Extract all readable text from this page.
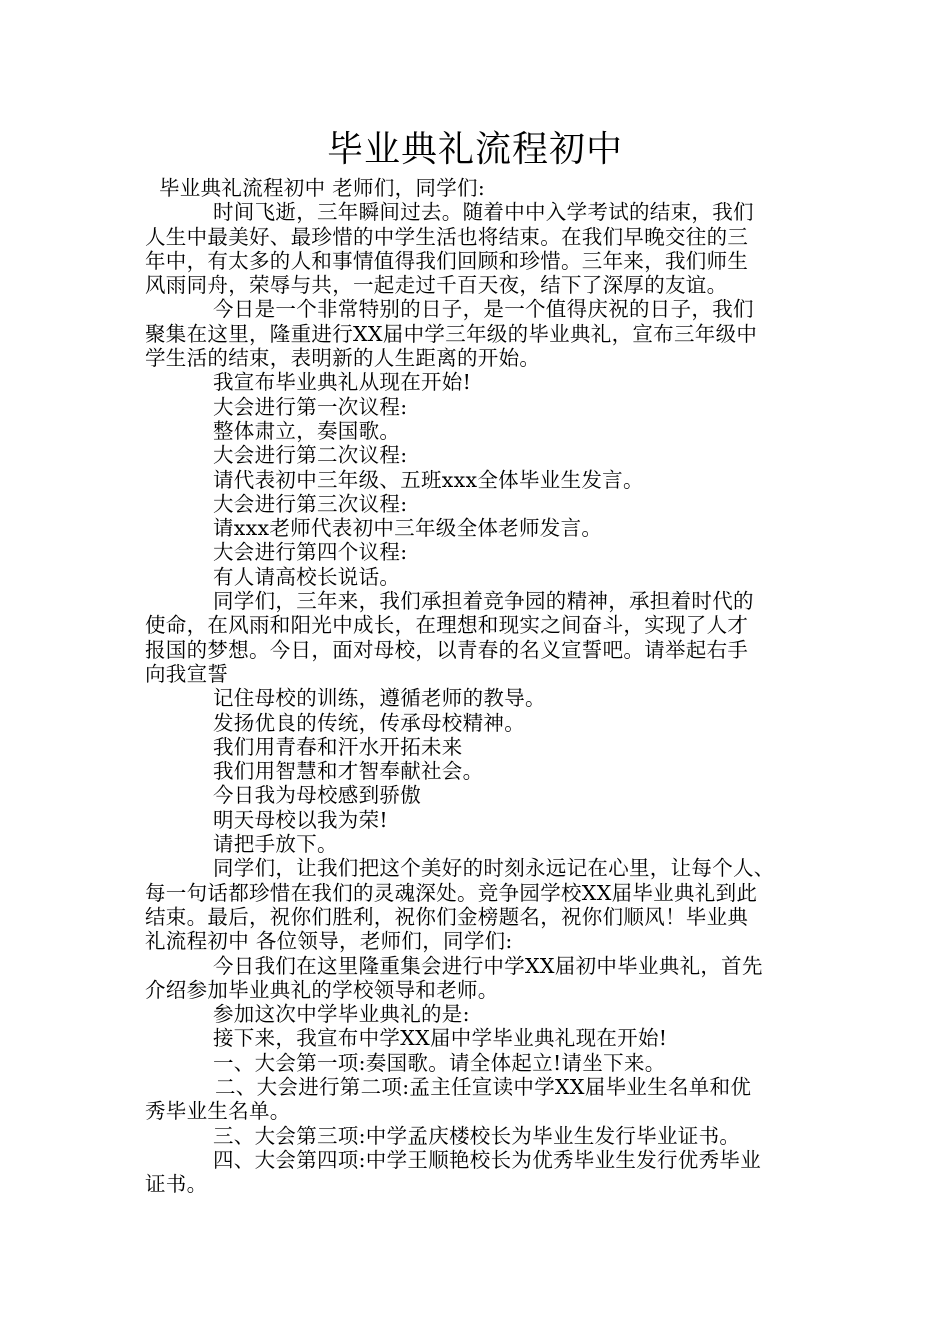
毕业典礼流程初中

毕业典礼流程初中 老师们，同学们:

时间飞逝，三年瞬间过去。随着中中入学考试的结束，我们

人生中最美好、最珍惜的中学生活也将结束。在我们早晚交往的三

年中，有太多的人和事情值得我们回顾和珍惜。三年来，我们师生

风雨同舟，荣辱与共，一起走过千百天夜，结下了深厚的友谊。

今日是一个非常特别的日子，是一个值得庆祝的日子，我们

聚集在这里，隆重进行XX届中学三年级的毕业典礼，宣布三年级中

学生活的结束，表明新的人生距离的开始。

我宣布毕业典礼从现在开始!

大会进行第一次议程:

整体肃立，奏国歌。

大会进行第二次议程:

请代表初中三年级、五班xxx全体毕业生发言。

大会进行第三次议程:

请xxx老师代表初中三年级全体老师发言。

大会进行第四个议程:

有人请高校长说话。

同学们，三年来，我们承担着竞争园的精神，承担着时代的

使命，在风雨和阳光中成长，在理想和现实之间奋斗，实现了人才

报国的梦想。今日，面对母校，以青春的名义宣誓吧。请举起右手

向我宣誓

记住母校的训练，遵循老师的教导。

发扬优良的传统，传承母校精神。

我们用青春和汗水开拓未来

我们用智慧和才智奉献社会。

今日我为母校感到骄傲

明天母校以我为荣!

请把手放下。

同学们，让我们把这个美好的时刻永远记在心里，让每个人、

每一句话都珍惜在我们的灵魂深处。竞争园学校XX届毕业典礼到此

结束。最后，祝你们胜利，祝你们金榜题名，祝你们顺风！毕业典

礼流程初中 各位领导，老师们，同学们:

今日我们在这里隆重集会进行中学XX届初中毕业典礼，首先

介绍参加毕业典礼的学校领导和老师。

参加这次中学毕业典礼的是:

接下来，我宣布中学XX届中学毕业典礼现在开始!

一、大会第一项:奏国歌。请全体起立!请坐下来。

二、大会进行第二项:孟主任宣读中学XX届毕业生名单和优

秀毕业生名单。

三、大会第三项:中学孟庆楼校长为毕业生发行毕业证书。

四、大会第四项:中学王顺艳校长为优秀毕业生发行优秀毕业

证书。
